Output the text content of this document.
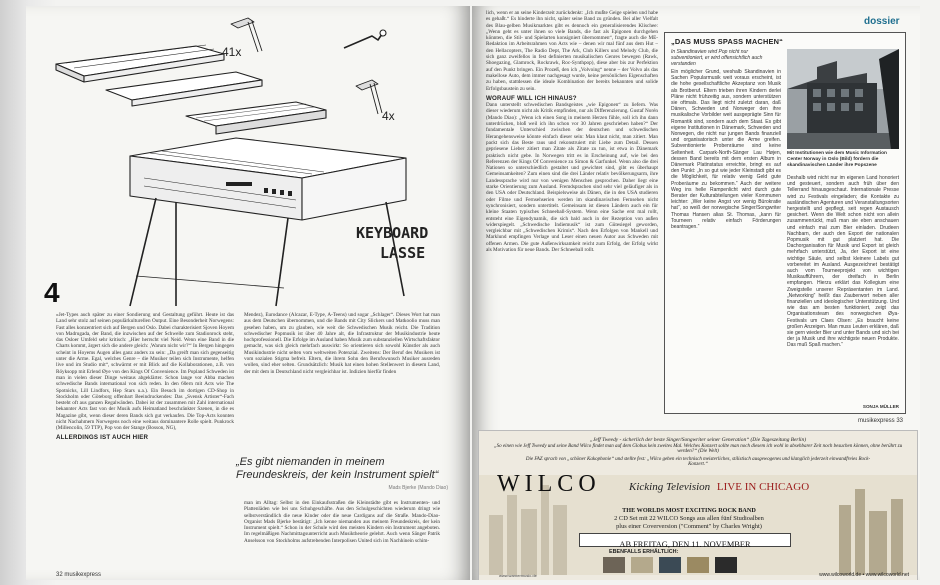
41x
4x
4
KEYBOARD
LASSE
»Jet-Types auch später zu einer Sondierung und Gestaltung geführt. Heute ist das Land sehr stolz auf seinen populärkulturellen Output. Eine Besonderheit Norwegens: Fast alles konzentriert sich auf Bergen und Oslo. Dabei charakterisiert Sjoven Hoyem von Madrugada, der Band, die inzwischen auf der Schwelle zum Stadionrock steht, das Osloer Umfeld sehr kritisch: „Hier herrscht viel Neid. Wenn eine Band in die Charts kommt, ärgert sich die andere gleich: ,Warum nicht wir?'“ In Bergen hingegen scheint in Hoyems Augen alles ganz anders zu sein: „Da greift man sich gegenseitig unter die Arme. Egal, welches Genre – die Musiker teilen sich Instrumente, helfen live und im Studio mit“, schwärmt er mit Blick auf die Kollaborationen, z.B. von Röyksopp mit Erlend Øye von den Kings Of Convenience. Im Popland Schweden ist man in vielen dieser Dinge weitaus abgeklärter. Schon lange vor Abba machen schwedische Bands international von sich reden. In den 60ern mit Acts wie The Spotnicks, Lill Lindfors, Hep Stars u.a.). Ein Besuch im dortigen CD-Shop in Stockholm oder Göteborg offenbart Beeindruckendes: Das „Svensk Artister“-Fach besteht oft aus ganzen Regalwänden. Dabei ist der zusammen mit Zahl international bekannter Acts fast von der Musik aufs Heimatland beschränkter Szenen, in die es Magazine gibt, wenn dieser deren Bands sich gut verkaufen. Die Top-Acts konnten nicht Nachahmern Norwegens noch eine weitaus dominantere Rolle spielt. Punkrock (Millencolin, 59 TTP), Pop von der Stange (Bosson, NG),
ALLERDINGS IST AUCH HIER
Mendez), Eurodance (Alcazar, E-Type, A-Teens) und sogar „Schlager“. Dieses Wort hat man aus dem Deutschen übernommen, und die Bands mit City Slickers und Matkoolio muss man gesehen haben, um zu glauben, wie weit die Schwedischen Musik reicht. Die Tradition schwedischer Popmusik ist über 40 Jahre alt, die Infrastruktur der Musikindustrie heute hochprofessionell. Die Erfolge im Ausland haben Musik zum substanziellen Wirtschaftsfaktor gemacht, was sich gleich mehrfach auswirkt: So orientieren sich sowohl Künstler als auch Musikindustrie nicht selten vom weltweiten Potenzial. Zweitens: Der Beruf des Musikers ist vom sozialen Stigma befreit. Eltern, die ihrem Sohn den Berufswunsch Musiker ausreden wollen, sind eher selten. Grundsätzlich: Musik hat einen hohen Stellenwert in diesem Land, der mit dem in Deutschland nicht vergleichbar ist. Indizien hierfür finden
„Es gibt niemanden in meinem Freundeskreis, der kein Instrument spielt“
Mads Bjerke (Mando Diao)
man im Alltag: Selbst in den Einkaufsstraßen die Kleinstädte gibt es Instrumenten- und Plattenläden wie bei uns Schuhgeschäfte. Aus den Schulgeschichten wiederum dringt wie selbstverständlich die neue Kinder oder die neue Cardigans auf die Straße. Mando-Diao-Organist Mads Bjerke bestätigt: „Ich kenne niemanden aus meinem Freundeskreis, der kein Instrument spielt.“ Schon in der Schule wird den meisten Kindern ein Instrument angeboten. Im regelmäßigen Nachmittagsunterricht auch Musiktheorie gelehrt. Auch wenn Sänger Patrik Anselsson von Stockholms aufstrebenden Interpolisen United sich im Nachhinein schim-
32 musikexpress
dossier
lich, wenn er an seine Kinderzeit zurückdenkt: „Ich mußte Geige spielen und habe es gehaßt.“ Es hinderte ihn nicht, später seine Band zu gründen. Bei aller Vielfalt des Blau-gelben Musikmarktes gibt es dennoch ein generalisierendes Klischee: „Wenn geht es unter ihnen so viele Bands, die fast als Epigonen durchgehen könnten, die Stil- und Spielarten konsigniert übernommen“, fragte auch die ME-Redaktion im Arbeitsrahmen von Acts wie – denen wir mal fünf aus dem Hut – den Hellacopters, The Radio Dept, The Ark, Club Killers und Melody Club, die sich ganz zweifellos in fest definierten musikalischen Genres bewegen (Rawk, Shoegazing, Glamrock, Rockrawk, Roc-Synthpop), diese aber bis zur Perfektion auf den Punkt bringen. Ein Prozeß, den ich „Volvoing“ nenne – der Volvo als das makellose Auto, dem immer nachgesagt wurde, keine persönlichen Eigenschaften zu haben, stattdessen die ideale Kombination der bereits bekannten und solide Erfolgsbaustein zu sein.
WORAUF WILL ICH HINAUS?
Dann unterstellt schwedischen Bandsgeistes „wie Epigonen“ zu liefern. Was dieser wiederum nicht als Kritik empfinden, nur als Differenzierung. Gustaf Norén (Mando Diao): „Wenn ich einen Song in meinem Herzen fühle, soll ich ihn dann unterdrücken, bloß weil ich ihn schon vor 30 Jahren geschrieben haben?“ Der fundamentale Unterschied zwischen der deutschen und schwedischen Herangehensweise könnte einfach dieser sein: Man klaut nicht, man zitiert. Man packt sich das Beste raus und rekonstruiert mit Liebe zum Detail. Dessen gepriesene Lieber zitiert man Zitate als Zitate zu tun, ist etwa in Dänemark praktisch nicht gebe. In Norwegen tritt es in Erscheinung auf, wie bei den Referenzen der Kings Of Convenience zu Simon & Garfunkel. Wenn also die drei Nationen so unterschiedlich gestaltet und gewichtet sind, gibt es überhaupt Gemeinsamkeiten? Zum einen sind die drei Länder relativ bevölkerungsarm, ihre Landessprache wird nur von wenigen Menschen gesprochen. Daher liegt eine starke Orientierung zum Ausland. Fremdsprachen sind sehr viel geläufiger als in den USA oder Deutschland. Beispielsweise als Dänen, die in den USA studieren oder Filme und Fernsehserien werden im skandinavischen Fernsehen nicht synchronisiert, sondern untertitelt. Gemeinsam ist diesen Ländern auch ein für kleine Staaten typisches Schneeball-System. Wenn eine Sache erst mal rollt, entsteht eine Eigendynamik, die sich bald auch in der Rezeption von außen widerspiegelt. „Schwedische Indiemusik“ ist zum Gütesiegel geworden, vergleichbar mit „Schwedischen Krimis“. Nach den Erfolgen von Mankell und Marklund empfingen Verlage und Leser einen neuen Autor aus Schweden mit offenen Armen. Die gute Außenwirksamkeit reicht zum Erfolg, der Erfolg wirkt als Motivation für neue Bands. Der Schneeball rollt.
„DAS MUSS SPASS MACHEN“
In Skandinavien wird Pop nicht nur subventioniert, er wird offensichtlich auch verstanden
Ein möglicher Grund, weshalb Skandinavien in Sachen Popularmusik weit voraus erscheint, ist die hohe gesellschaftliche Akzeptanz von Musik als Brotberuf. Eltern trieben ihren Kindern derlei Pläne nicht frühzeitig aus, sondern unterstützen sie oftmals. Das liegt nicht zuletzt daran, daß Dänen, Schweden und Norweger den ihre musikalische Vorbilder weit ausgeprägte Sinn für Romantik sind, sondern auch dem Staat. Es gibt eigene Institutionen in Dänemark, Schweden und Norwegen, die nicht nur jungen Bands finanziell und organisatorisch unter die Arme greifen. Subventionierte Probenräume sind keine Seltenheit. Carpark-North-Sänger Lau Højen, dessen Band bereits mit dem ersten Album in Dänemark Platinstatus erreichte, bringt es auf den Punkt: „In so gut wie jeder Kleinstadt gibt es die Möglichkeit, für relativ wenig Geld gute Proberäume zu bekommen.“ Auch der weitere Weg ins helle Rampenlicht wird durch gute Berater der Kulturabteilungen vieler Kommunen leichter: „Wer keine Angst vor wenig Bürokratie hat“, so weiß der norwegische Singer/Songwriter Thomas Hansen alias St. Thomas, „kann für Tourneen relativ einfach Förderungen beantragen.“
Mit Institutionen wie dem Music Information Center Norway in Oslo (Bild) fördern die skandinavischen Länder ihre Popszene
Deshalb wird nicht nur im eigenen Land honoriert und gesteuert, sondern auch früh über den Tellerrand hinausgeschaut. Internationale Presse wird zu Festivals eingeladen; die Kontakte zu ausländischen Agenturen und Veranstaltungsorten hergestellt und gepflegt, seit regen Austausch gesichert. Wenn die Welt schon nicht von allein zusammenrückt, muß man sie eben anschauen und einfach mal zum Bier einladen. Drudeen Nachbarn, der auch den Export der nationalen Popmusik mit gut platziert hat. Die Dachorganisation für Musik und Export ist gleich mehrfach unterstützt, Ja, der Export ist eine wichtige Säule, und selbst kleinere Labels gut vorbereitet im Ausland. Ausgezeichnet bestätigt auch vom Tourneeprojekt von wichtigen Musikaufführern, der dreifach in Berlin empfangen. Hierzu erklärt das Kollegium eine Zweigstelle unserer Repräsentanten im Land. „Networking“ heißt das Zauberwort neben aller finanziellen und ideologischer Unterstützung. Und wie das am besten funktioniert, zeigt das Organisationsteam des norwegischen Øya-Festivals um Claes Olsen: „Es braucht keine großen Anzeigen. Man muss Leuten erklären, daß sie gern wieder Bier und unter Bands und sich bei der ja Musik und ihre wichtigste neuen Produkte. Das muß Spaß machen.“
SONJA MÜLLER
musikexpress 33
„Jeff Tweedy - sicherlich der beste Singer/Songwriter seiner Generation“ (Die Tageszeitung Berlin)
„So einen wie Jeff Tweedy und seine Band Wilco findet man auf dem Globus kein zweites Mal. Welches Konzert sollte man noch diesem ich wohl in absehbarer Zeit noch besuchen können, ohne berührt zu werden?“ (Die Welt)
Die FAZ sprach von „schöner Kakophonie“ und stellte fest: „Wilco gehen ein technisch meisterliches, stilistisch ausgewogenes und klanglich jederzeit einwandfreies Rock-Konzert.“
WILCO	Kicking Television LIVE IN CHICAGO
THE WORLDS MOST EXCITING ROCK BAND
2 CD Set mit 22 WILCO Songs aus allen fünf Studioalben
plus einer Coverversion ("Comment" by Charles Wright)
AB FREITAG, DEN 11. NOVEMBER
EBENFALLS ERHÄLTLICH:
www.warnermusic.de	www.wilcoworld.de • www.wilcoworld.net
